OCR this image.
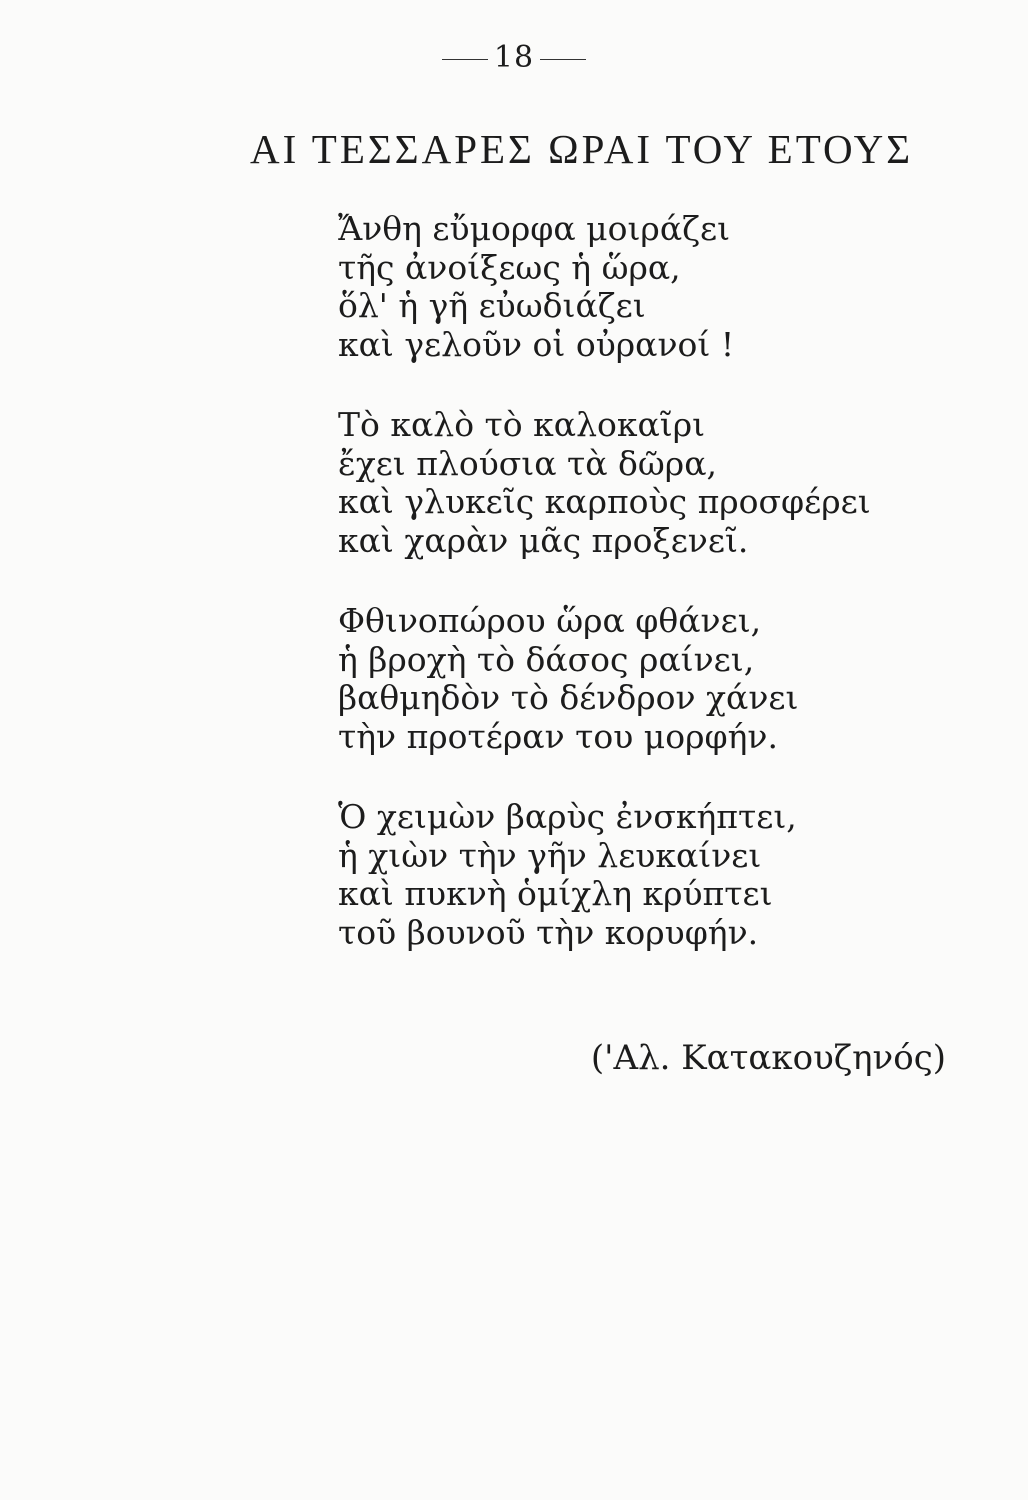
18
ΑΙ ΤΕΣΣΑΡΕΣ ΩΡΑΙ ΤΟΥ ΕΤΟΥΣ
Ἄνθη εὔμορφα μοιράζει
τῆς ἀνοίξεως ἡ ὥρα,
ὅλ' ἡ γῆ εὐωδιάζει
καὶ γελοῦν οἱ οὐρανοί !
Τὸ καλὸ τὸ καλοκαῖρι
ἔχει πλούσια τὰ δῶρα,
καὶ γλυκεῖς καρποὺς προσφέρει
καὶ χαρὰν μᾶς προξενεῖ.
Φθινοπώρου ὥρα φθάνει,
ἡ βροχὴ τὸ δάσος ραίνει,
βαθμηδὸν τὸ δένδρον χάνει
τὴν προτέραν του μορφήν.
Ὁ χειμὼν βαρὺς ἐνσκήπτει,
ἡ χιὼν τὴν γῆν λευκαίνει
καὶ πυκνὴ ὁμίχλη κρύπτει
τοῦ βουνοῦ τὴν κορυφήν.
('Αλ. Κατακουζηνός)
